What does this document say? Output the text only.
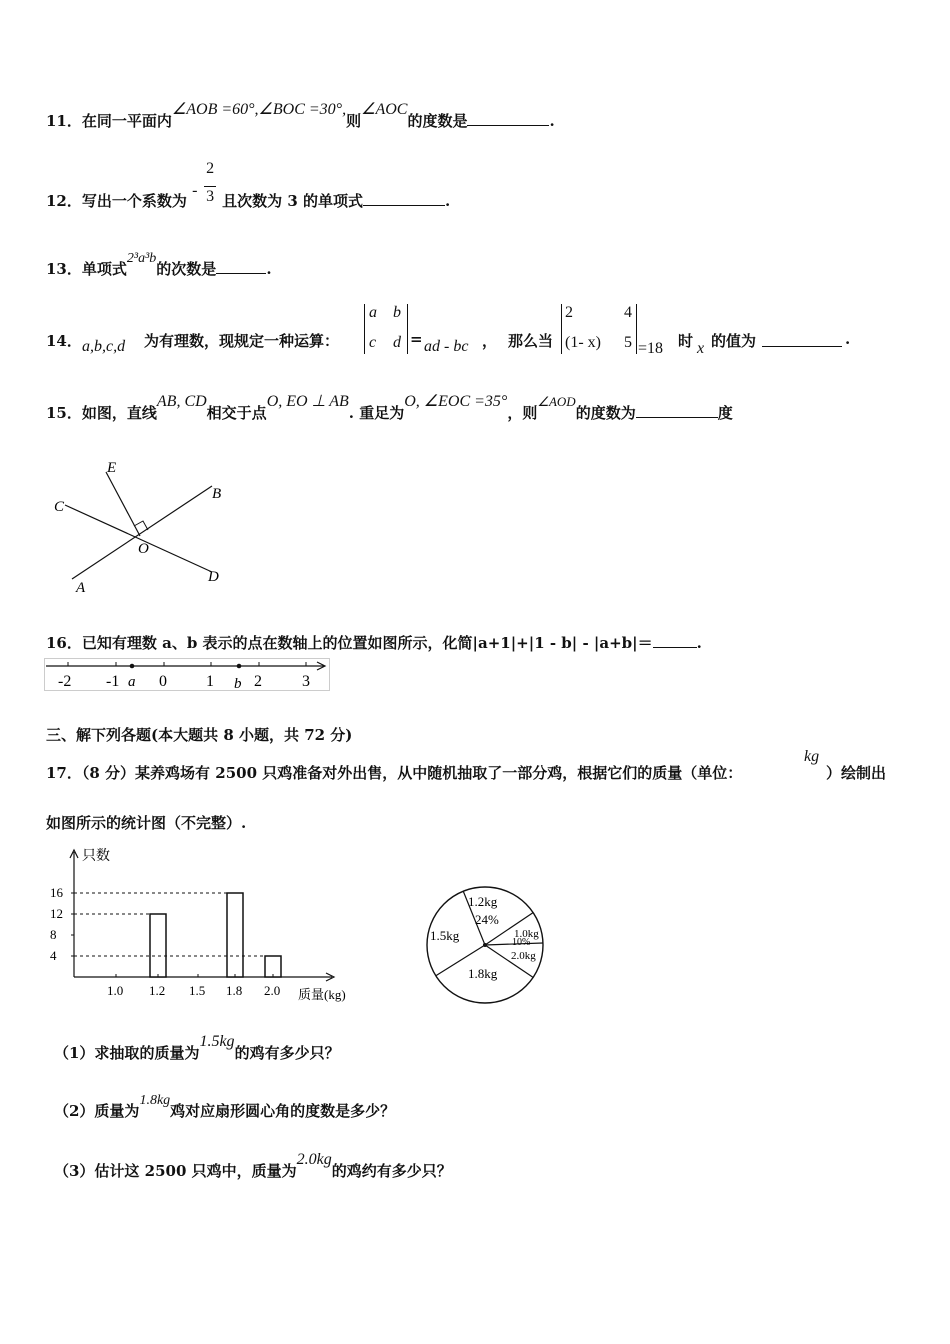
11．在同一平面内∠AOB =60°,∠BOC =30°,则∠AOC的度数是	.
12．写出一个系数为
-
2
3 且次数为 3 的单项式	.
13．单项式2³a³b的次数是	.
14． a,b,c,d 为有理数，现规定一种运算：
a b
c d = ad - bc ， 那么当
2	4
(1- x) 5 =18 时 x 的值为	.
15．如图，直线AB, CD相交于点O, EO ⊥ AB. 重足为O, ∠EOC =35°，则∠AOD的度数为	度
E
B
C
O
A
D
16．已知有理数 a、b 表示的点在数轴上的位置如图所示，化简|a+1|+|1 - b| - |a+b|＝	.
-2 -1 0 1	2	3
a	b
三、解下列各题(本大题共 8 小题，共 72 分)
17．（8 分）某养鸡场有 2500 只鸡准备对外出售，从中随机抽取了一部分鸡，根据它们的质量（单位：
kg
）绘制出
如图所示的统计图（不完整）.
只数
16
12
8
4
1.0 1.2 1.5 1.8 2.0 质量(kg)
1.2kg
1.5kg	1.0kg
2.0kg
1.8kg
24%
10%
（1）求抽取的质量为1.5kg的鸡有多少只？
（2）质量为1.8kg鸡对应扇形圆心角的度数是多少？
（3）估计这 2500 只鸡中，质量为2.0kg的鸡约有多少只？
